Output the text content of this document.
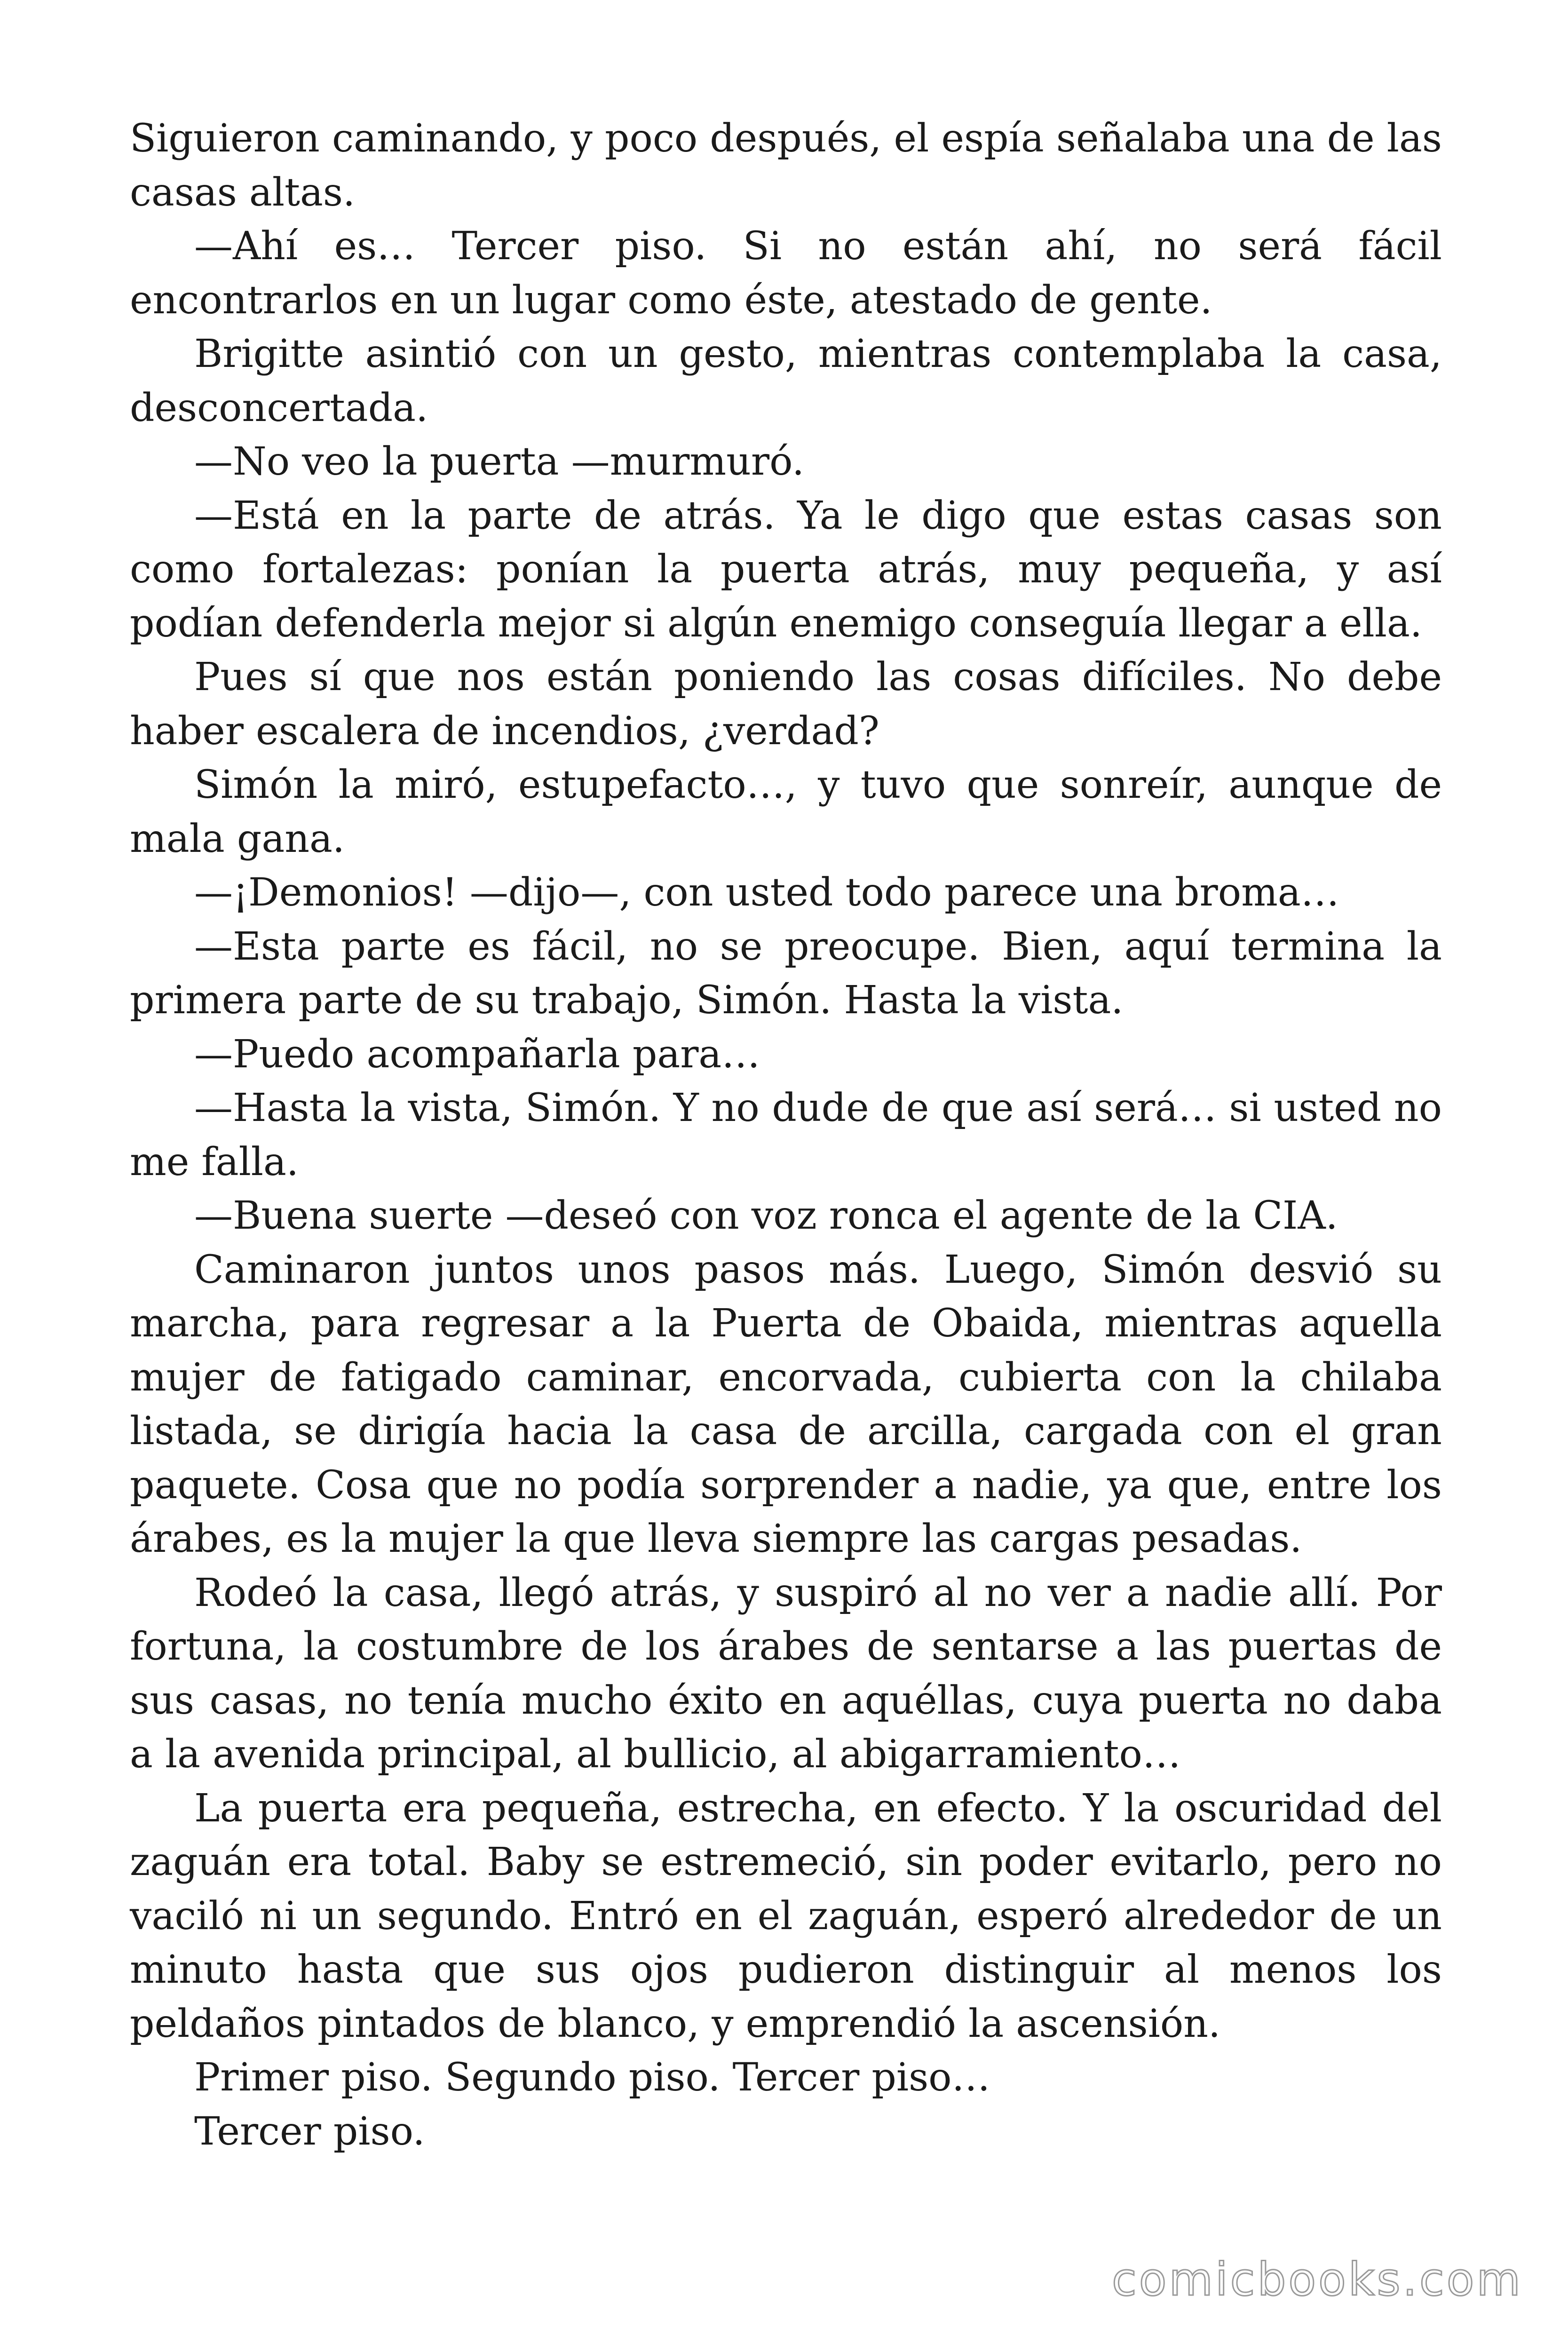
Siguieron caminando, y poco después, el espía señalaba una de las casas altas.

—Ahí es… Tercer piso. Si no están ahí, no será fácil encontrarlos en un lugar como éste, atestado de gente.

Brigitte asintió con un gesto, mientras contemplaba la casa, desconcertada.

—No veo la puerta —murmuró.

—Está en la parte de atrás. Ya le digo que estas casas son como fortalezas: ponían la puerta atrás, muy pequeña, y así podían defenderla mejor si algún enemigo conseguía llegar a ella.

Pues sí que nos están poniendo las cosas difíciles. No debe haber escalera de incendios, ¿verdad?

Simón la miró, estupefacto…, y tuvo que sonreír, aunque de mala gana.

—¡Demonios! —dijo—, con usted todo parece una broma…

—Esta parte es fácil, no se preocupe. Bien, aquí termina la primera parte de su trabajo, Simón. Hasta la vista.

—Puedo acompañarla para…

—Hasta la vista, Simón. Y no dude de que así será… si usted no me falla.

—Buena suerte —deseó con voz ronca el agente de la CIA.

Caminaron juntos unos pasos más. Luego, Simón desvió su marcha, para regresar a la Puerta de Obaida, mientras aquella mujer de fatigado caminar, encorvada, cubierta con la chilaba listada, se dirigía hacia la casa de arcilla, cargada con el gran paquete. Cosa que no podía sorprender a nadie, ya que, entre los árabes, es la mujer la que lleva siempre las cargas pesadas.

Rodeó la casa, llegó atrás, y suspiró al no ver a nadie allí. Por fortuna, la costumbre de los árabes de sentarse a las puertas de sus casas, no tenía mucho éxito en aquéllas, cuya puerta no daba a la avenida principal, al bullicio, al abigarramiento…

La puerta era pequeña, estrecha, en efecto. Y la oscuridad del zaguán era total. Baby se estremeció, sin poder evitarlo, pero no vaciló ni un segundo. Entró en el zaguán, esperó alrededor de un minuto hasta que sus ojos pudieron distinguir al menos los peldaños pintados de blanco, y emprendió la ascensión.

Primer piso. Segundo piso. Tercer piso…

Tercer piso.

comicbooks.com
